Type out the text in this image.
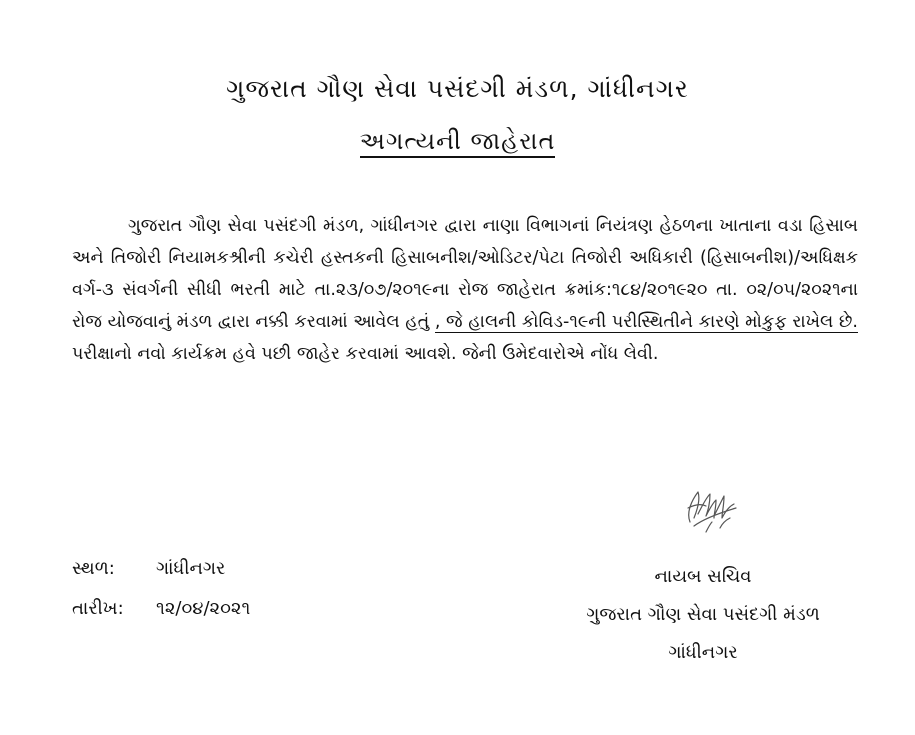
ગુજરાત ગૌણ સેવા પસંદગી મંડળ, ગાંધીનગર
અગત્યની જાહેરાત
ગુજરાત ગૌણ સેવા પસંદગી મંડળ, ગાંધીનગર દ્વારા નાણા વિભાગનાં નિયંત્રણ હેઠળના ખાતાના વડા હિસાબ અને તિજોરી નિયામકશ્રીની કચેરી હસ્તકની હિસાબનીશ/ઓડિટર/પેટા તિજોરી અધિકારી (હિસાબનીશ)/અધિક્ષક વર્ગ-૩ સંવર્ગની સીધી ભરતી માટે તા.૨૩/૦૭/૨૦૧૯ના રોજ જાહેરાત ક્રમાંક:૧૮૪/૨૦૧૯૨૦ તા. ૦૨/૦૫/૨૦૨૧ના રોજ યોજવાનું મંડળ દ્વારા નક્કી કરવામાં આવેલ હતું , જે હાલની કોવિડ-૧૯ની પરીસ્થિતીને કારણે મોકુફ રાખેલ છે. પરીક્ષાનો નવો કાર્યક્રમ હવે પછી જાહેર કરવામાં આવશે. જેની ઉમેદવારોએ નોંધ લેવી.
સ્થળ: ગાંધીનગર
તારીખ: ૧૨/૦૪/૨૦૨૧
નાયબ સચિવ
ગુજરાત ગૌણ સેવા પસંદગી મંડળ
ગાંધીનગર
